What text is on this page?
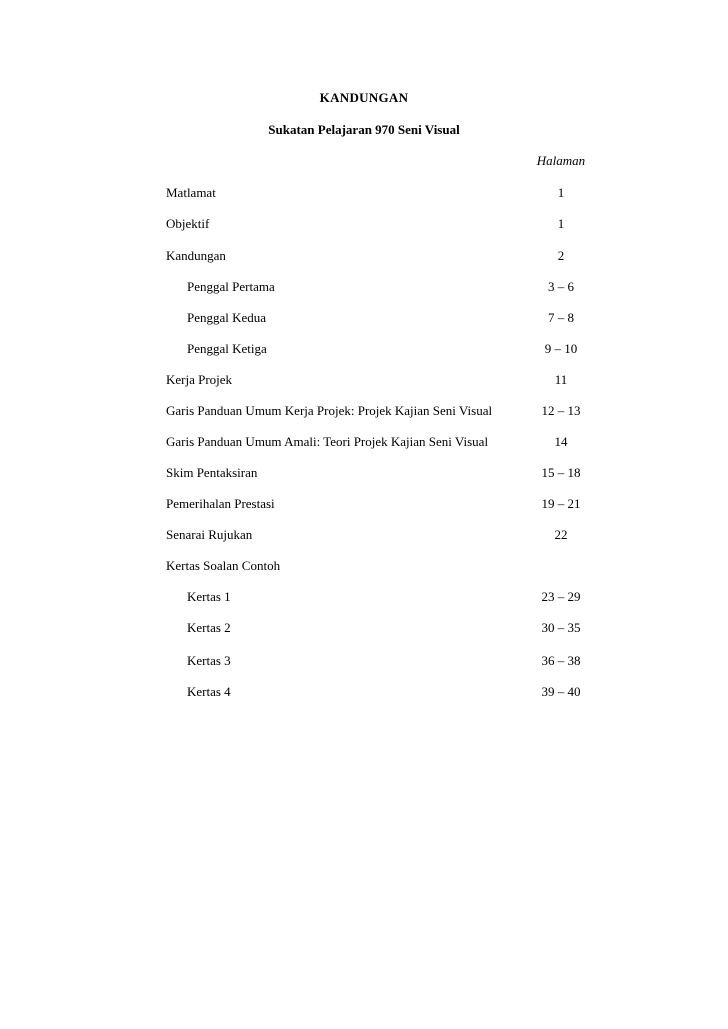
KANDUNGAN
Sukatan Pelajaran 970 Seni Visual
Halaman
Matlamat	1
Objektif	1
Kandungan	2
Penggal Pertama	3 – 6
Penggal Kedua	7 – 8
Penggal Ketiga	9 – 10
Kerja Projek	11
Garis Panduan Umum Kerja Projek: Projek Kajian Seni Visual	12 – 13
Garis Panduan Umum Amali: Teori Projek Kajian Seni Visual	14
Skim Pentaksiran	15 – 18
Pemerihalan Prestasi	19 – 21
Senarai Rujukan	22
Kertas Soalan Contoh
Kertas 1	23 – 29
Kertas 2	30 – 35
Kertas 3	36 – 38
Kertas 4	39 – 40
